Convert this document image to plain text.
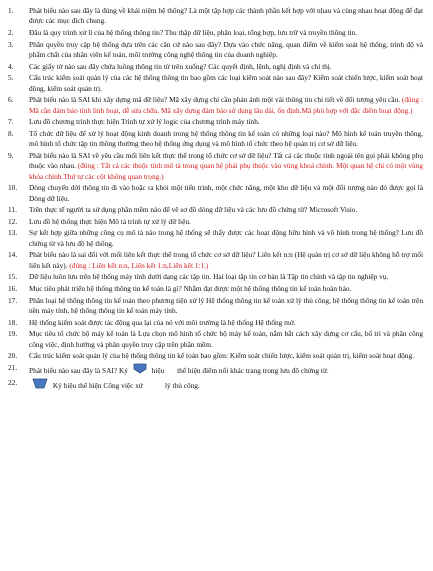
1. Phát biểu nào sau đây là đúng về khái niệm hệ thống? Là một tập hợp các thành phần kết hợp với nhau và cùng nhau hoạt động để đạt được các mục đích chung.
2. Đâu là quy trình xử lí của hệ thống thông tin? Thu thập dữ liệu, phân loại, tổng hợp, lưu trữ và truyền thông tin.
3. Phân quyền truy cập hệ thống dựa trên các căn cứ nào sau đây? Dựa vào chức năng, quan điểm về kiểm soát hệ thống, trình độ và phẩm chất của nhân viên kế toán, môi trường công nghệ thông tin của doanh nghiệp.
4. Các giấy tờ nào sau đây chứa luồng thông tin từ trên xuống? Các quyết định, lệnh, nghị định và chỉ thị.
5. Cấu trúc kiểm soát quản lý của các hệ thống thông tin bao gồm các loại kiểm soát nào sau đây? Kiểm soát chiến lược, kiểm soát hoạt động, kiểm soát quản trị.
6. Phát biểu nào là SAI khi xây dựng mã dữ liệu? Mã xây dựng chi cần phản ánh một vài thông tin chi tiết về đối tượng yêu cầu. (đúng : Mã cần đảm bảo tính linh hoạt, dễ sửa chữa. Mã xây dựng đảm bảo sử dụng lâu dài, ổn định.Mã phù hợp với đặc điểm hoạt động.)
7. Lưu đồ chương trình thực hiện Trình tự xử lý logic của chương trình máy tính.
8. Tổ chức dữ liệu để xử lý hoạt động kinh doanh trong hệ thống thông tin kế toán có những loại nào? Mô hình kế toán truyền thống, mô hình tổ chức tập tin thông thường theo hệ thống ứng dụng và mô hình tổ chức theo hệ quản trị cơ sở dữ liệu.
9. Phát biểu nào là SAI về yêu cầu mối liên kết thực thể trong tổ chức cơ sở dữ liệu? Tất cả các thuộc tính ngoài tên gọi phải không phụ thuộc vào nhau. (đúng : Tất cả các thuộc tính mô tả trong quan hệ phải phụ thuộc vào vùng khoá chính. Một quan hệ chỉ có một vùng khóa chính.Thứ tự các cột không quan trọng.)
10. Dòng chuyển dời thông tin đi vào hoặc ra khỏi một tiến trình, một chức năng, một kho dữ liệu và một đối tượng nào đó được gọi là Dòng dữ liệu.
11. Trên thực tế người ta sử dụng phần mềm nào để vẽ sơ đồ dòng dữ liệu và các lưu đồ chứng từ? Microsoft Visio.
12. Lưu đồ hệ thống thực hiện Mô tả trình tự xử lý dữ liệu.
13. Sự kết hợp giữa những công cụ mô tả nào trong hệ thống sẽ thấy được các hoạt động hữu hình và vô hình trong hệ thống? Lưu đồ chứng từ và lưu đồ hệ thống.
14. Phát biểu nào là sai đối với mối liên kết thực thể trong tổ chức cơ sở dữ liệu? Liên kết n:n (Hệ quản trị cơ sở dữ liệu không hỗ trợ mối liên kết này). (đúng : Liên kết n:n, Liên kết 1:n,Liên kết 1:1.)
15. Dữ liệu luôn lưu trên hệ thống máy tính dưới dạng các tập tin. Hai loại tập tin cơ bản là Tập tin chính và tập tin nghiệp vụ.
16. Mục tiêu phát triển hệ thống thông tin kế toán là gì? Nhằm đạt được một hệ thống thông tin kế toán hoàn hảo.
17. Phân loại hệ thống thông tin kế toán theo phương tiện xử lý Hệ thống thông tin kế toán xử lý thủ công, hệ thống thông tin kế toán trên nền máy tính, hệ thống thông tin kế toán máy tính.
18. Hệ thống kiểm soát được tác động qua lại của nó với môi trường là hệ thống Hệ thống mở.
19. Mục tiêu tổ chức bộ máy kế toán là Lựa chọn mô hình tổ chức bộ máy kế toán, nắm bắt cách xây dựng cơ cấu, bố trí và phân công công việc, định hướng và phân quyền truy cập trên phần mềm.
20. Cấu trúc kiểm soát quản lý của hệ thống thông tin kế toán bao gồm: Kiểm soát chiến lược, kiểm soát quản trị, kiểm soát hoạt động.
21. Phát biểu nào sau đây là SAI? Ký	hiệu thể hiện điểm nối khác trang trong lưu đồ chứng từ.
22.	Ký hiệu thể hiện Công việc xử	lý thủ công.
